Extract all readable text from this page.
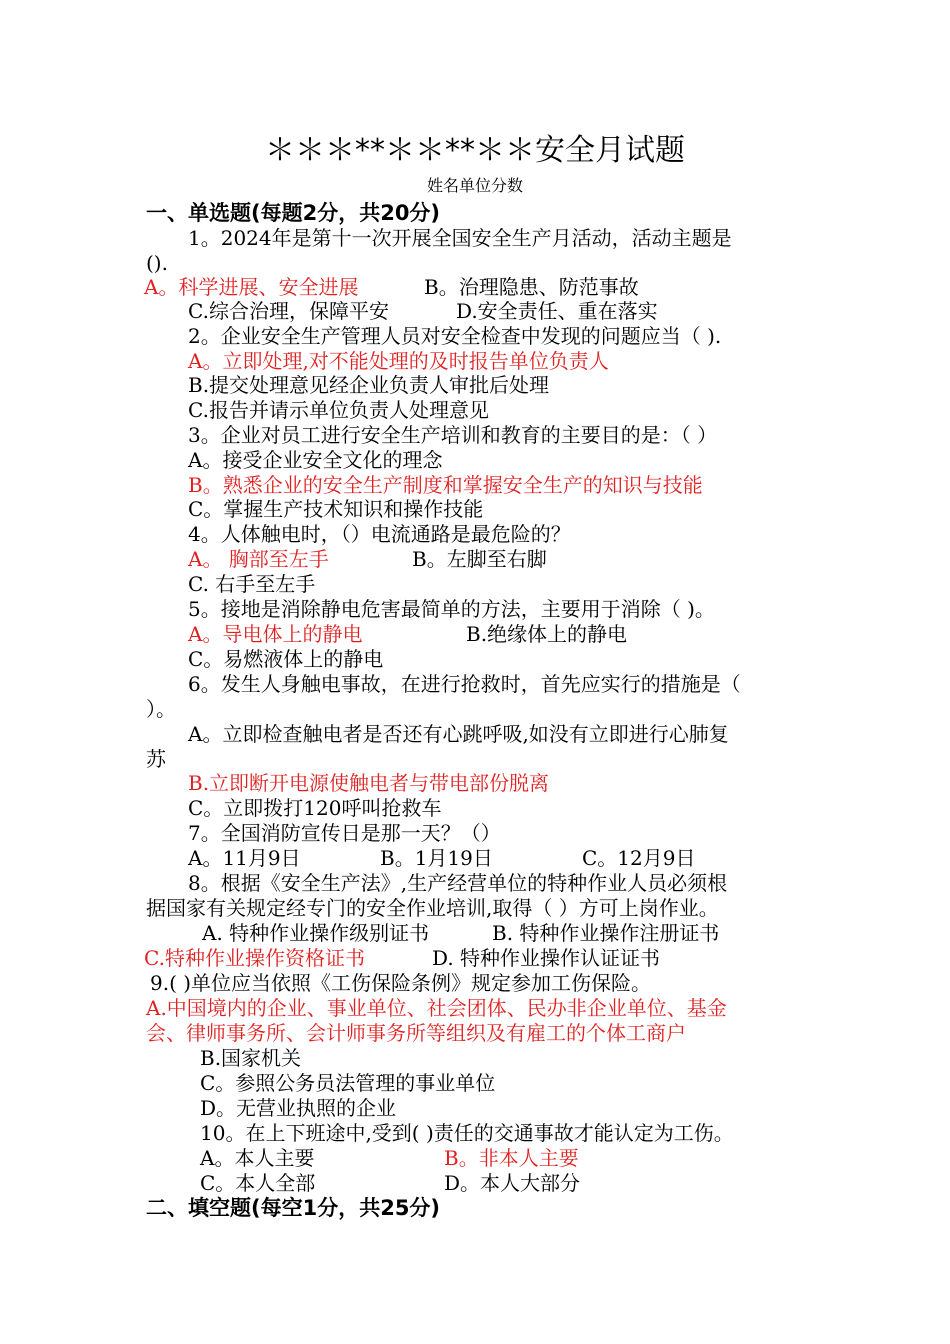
＊＊＊**＊＊**＊＊安全月试题
姓名单位分数
一、单选题(每题2分，共20分)
1。2024年是第十一次开展全国安全生产月活动，活动主题是
().
A。科学进展、安全进展	B。治理隐患、防范事故
C.综合治理，保障平安	D.安全责任、重在落实
2。企业安全生产管理人员对安全检查中发现的问题应当（ ).
A。立即处理,对不能处理的及时报告单位负责人
B.提交处理意见经企业负责人审批后处理
C.报告并请示单位负责人处理意见
3。企业对员工进行安全生产培训和教育的主要目的是：（ ）
A。接受企业安全文化的理念
B。熟悉企业的安全生产制度和掌握安全生产的知识与技能
C。掌握生产技术知识和操作技能
4。人体触电时，（）电流通路是最危险的？
A。 胸部至左手	B。左脚至右脚
C. 右手至左手
5。接地是消除静电危害最简单的方法，主要用于消除（ )。
A。导电体上的静电	B.绝缘体上的静电
C。易燃液体上的静电
6。发生人身触电事故，在进行抢救时，首先应实行的措施是（
）。
A。立即检查触电者是否还有心跳呼吸,如没有立即进行心肺复
苏
B.立即断开电源使触电者与带电部份脱离
C。立即拨打120呼叫抢救车
7。全国消防宣传日是那一天？（）
A。11月9日	B。1月19日	C。12月9日
8。根据《安全生产法》,生产经营单位的特种作业人员必须根
据国家有关规定经专门的安全作业培训,取得（ ）方可上岗作业。
A. 特种作业操作级别证书	B. 特种作业操作注册证书
C.特种作业操作资格证书	D. 特种作业操作认证证书
9.( )单位应当依照《工伤保险条例》规定参加工伤保险。
A.中国境内的企业、事业单位、社会团体、民办非企业单位、基金
会、律师事务所、会计师事务所等组织及有雇工的个体工商户
B.国家机关
C。参照公务员法管理的事业单位
D。无营业执照的企业
10。在上下班途中,受到( )责任的交通事故才能认定为工伤。
A。本人主要	B。非本人主要
C。本人全部	D。本人大部分
二、填空题(每空1分，共25分)
